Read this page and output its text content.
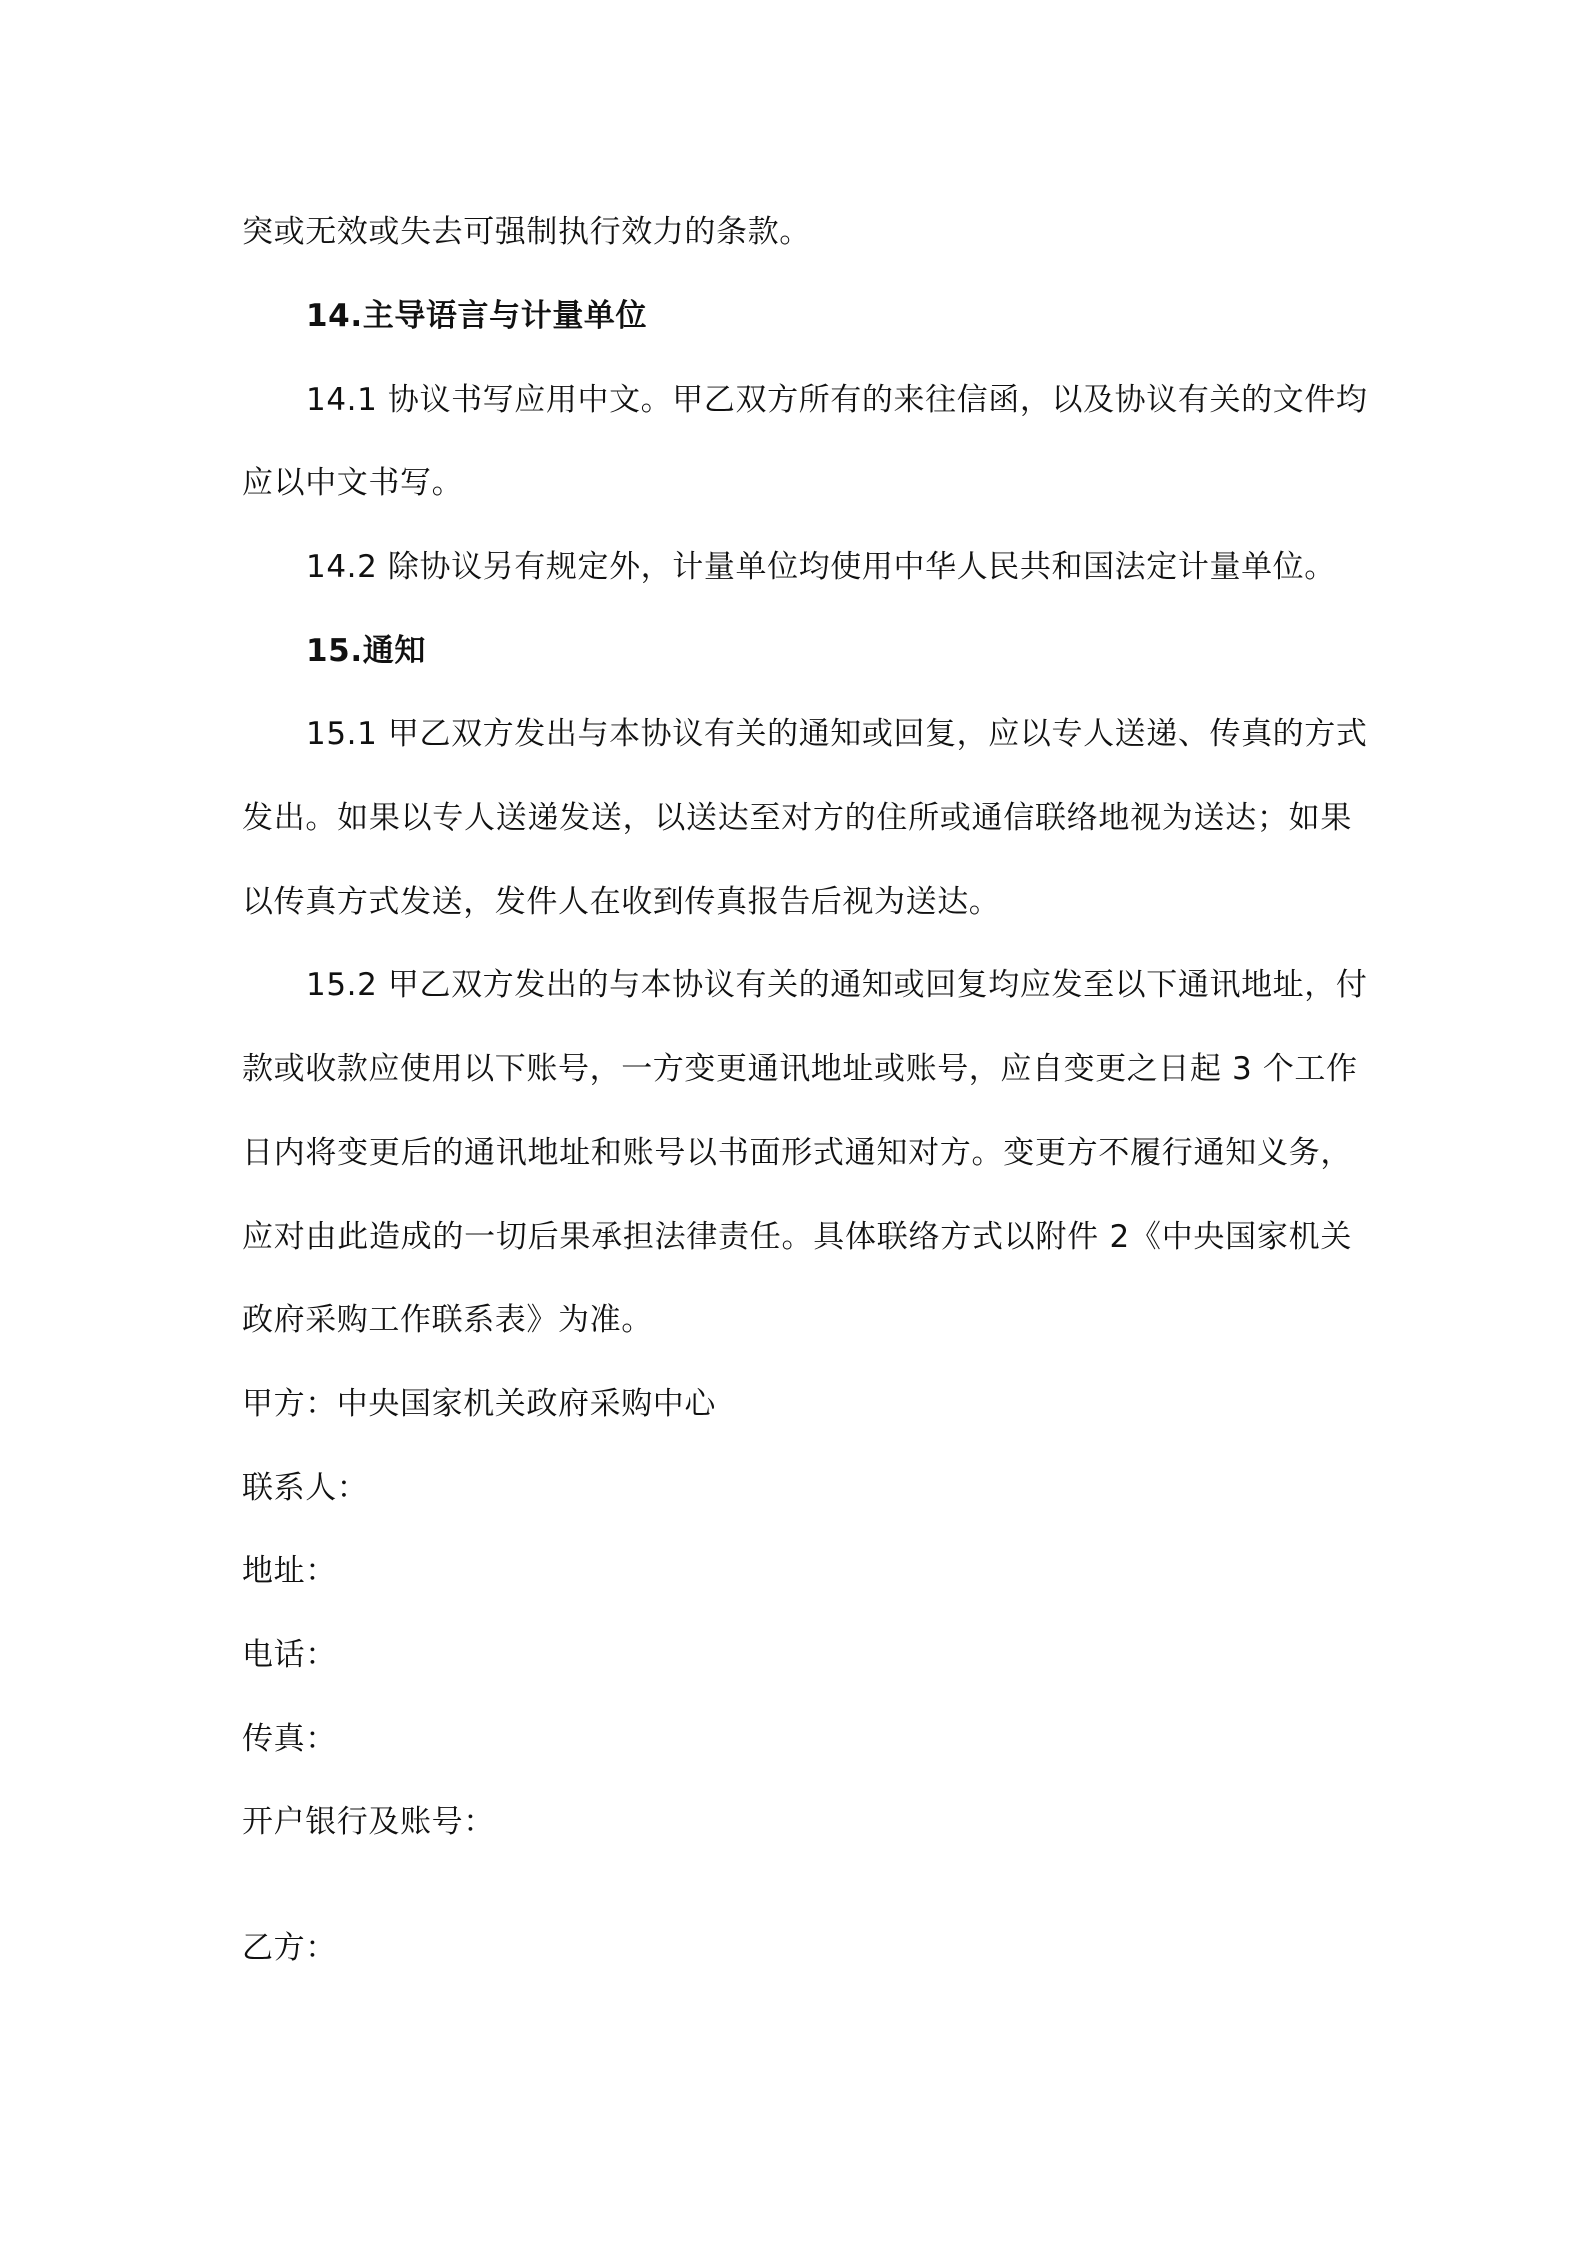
突或无效或失去可强制执行效力的条款。
14.主导语言与计量单位
14.1 协议书写应用中文。甲乙双方所有的来往信函，以及协议有关的文件均
应以中文书写。
14.2 除协议另有规定外，计量单位均使用中华人民共和国法定计量单位。
15.通知
15.1 甲乙双方发出与本协议有关的通知或回复，应以专人送递、传真的方式
发出。如果以专人送递发送，以送达至对方的住所或通信联络地视为送达；如果
以传真方式发送，发件人在收到传真报告后视为送达。
15.2 甲乙双方发出的与本协议有关的通知或回复均应发至以下通讯地址，付
款或收款应使用以下账号，一方变更通讯地址或账号，应自变更之日起 3 个工作
日内将变更后的通讯地址和账号以书面形式通知对方。变更方不履行通知义务，
应对由此造成的一切后果承担法律责任。具体联络方式以附件 2《中央国家机关
政府采购工作联系表》为准。
甲方：中央国家机关政府采购中心
联系人：
地址：
电话：
传真：
开户银行及账号：
乙方：
